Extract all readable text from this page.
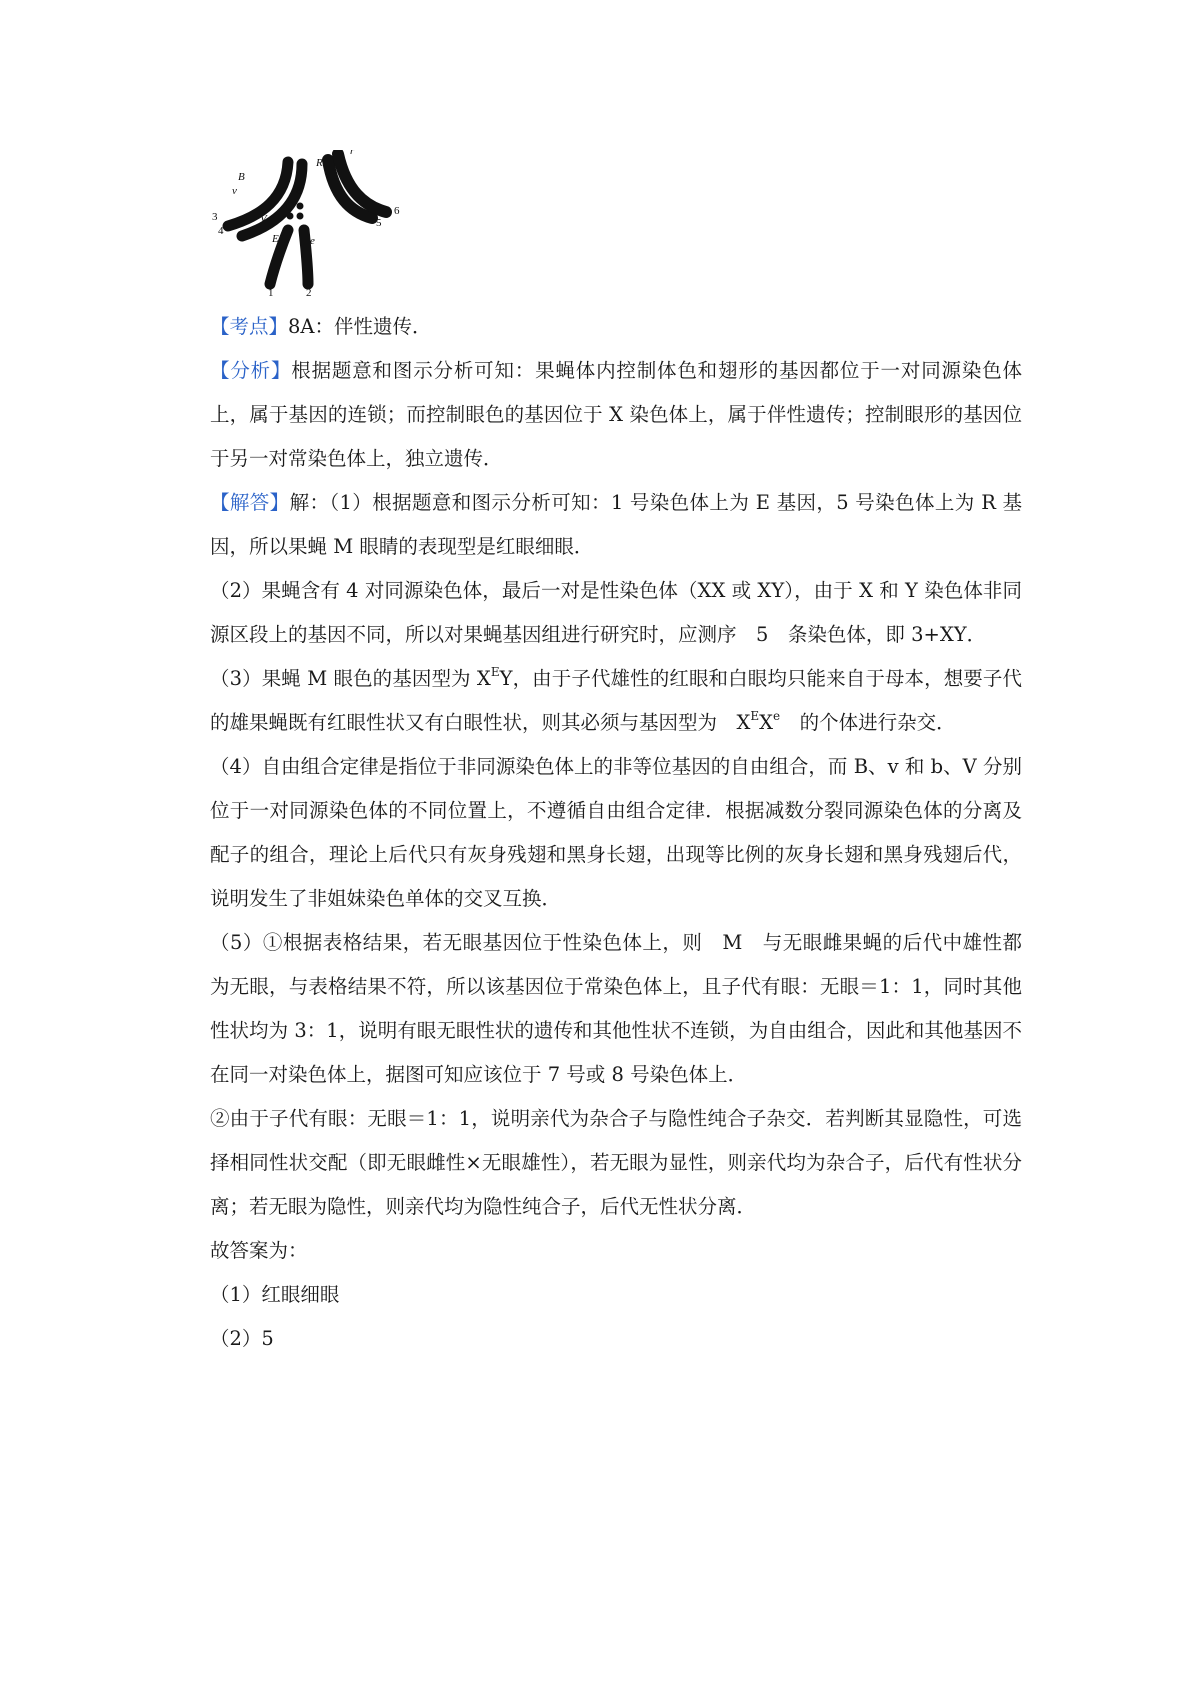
B
v
b
V
3
4
7 8
R
r
E	e
5
6
1	2

【考点】8A：伴性遗传．

【分析】根据题意和图示分析可知：果蝇体内控制体色和翅形的基因都位于一对同源染色体上，属于基因的连锁；而控制眼色的基因位于 X 染色体上，属于伴性遗传；控制眼形的基因位于另一对常染色体上，独立遗传．

【解答】解：（1）根据题意和图示分析可知：1 号染色体上为 E 基因，5 号染色体上为 R 基因，所以果蝇 M 眼睛的表现型是红眼细眼．

（2）果蝇含有 4 对同源染色体，最后一对是性染色体（XX 或 XY），由于 X 和 Y 染色体非同源区段上的基因不同，所以对果蝇基因组进行研究时，应测序　5　条染色体，即 3+XY．

（3）果蝇 M 眼色的基因型为 $X^EY$，由于子代雄性的红眼和白眼均只能来自于母本，想要子代的雄果蝇既有红眼性状又有白眼性状，则其必须与基因型为　$X^EXe$　的个体进行杂交．

（4）自由组合定律是指位于非同源染色体上的非等位基因的自由组合，而 B、v 和 b、V 分别位于一对同源染色体的不同位置上，不遵循自由组合定律．根据减数分裂同源染色体的分离及配子的组合，理论上后代只有灰身残翅和黑身长翅，出现等比例的灰身长翅和黑身残翅后代，说明发生了非姐妹染色单体的交叉互换．

（5）①根据表格结果，若无眼基因位于性染色体上，则　M　与无眼雌果蝇的后代中雄性都为无眼，与表格结果不符，所以该基因位于常染色体上，且子代有眼：无眼＝1：1，同时其他性状均为 3：1，说明有眼无眼性状的遗传和其他性状不连锁，为自由组合，因此和其他基因不在同一对染色体上，据图可知应该位于 7 号或 8 号染色体上．

②由于子代有眼：无眼＝1：1，说明亲代为杂合子与隐性纯合子杂交．若判断其显隐性，可选择相同性状交配（即无眼雌性×无眼雄性），若无眼为显性，则亲代均为杂合子，后代有性状分离；若无眼为隐性，则亲代均为隐性纯合子，后代无性状分离．

故答案为：

（1）红眼细眼

（2）5
